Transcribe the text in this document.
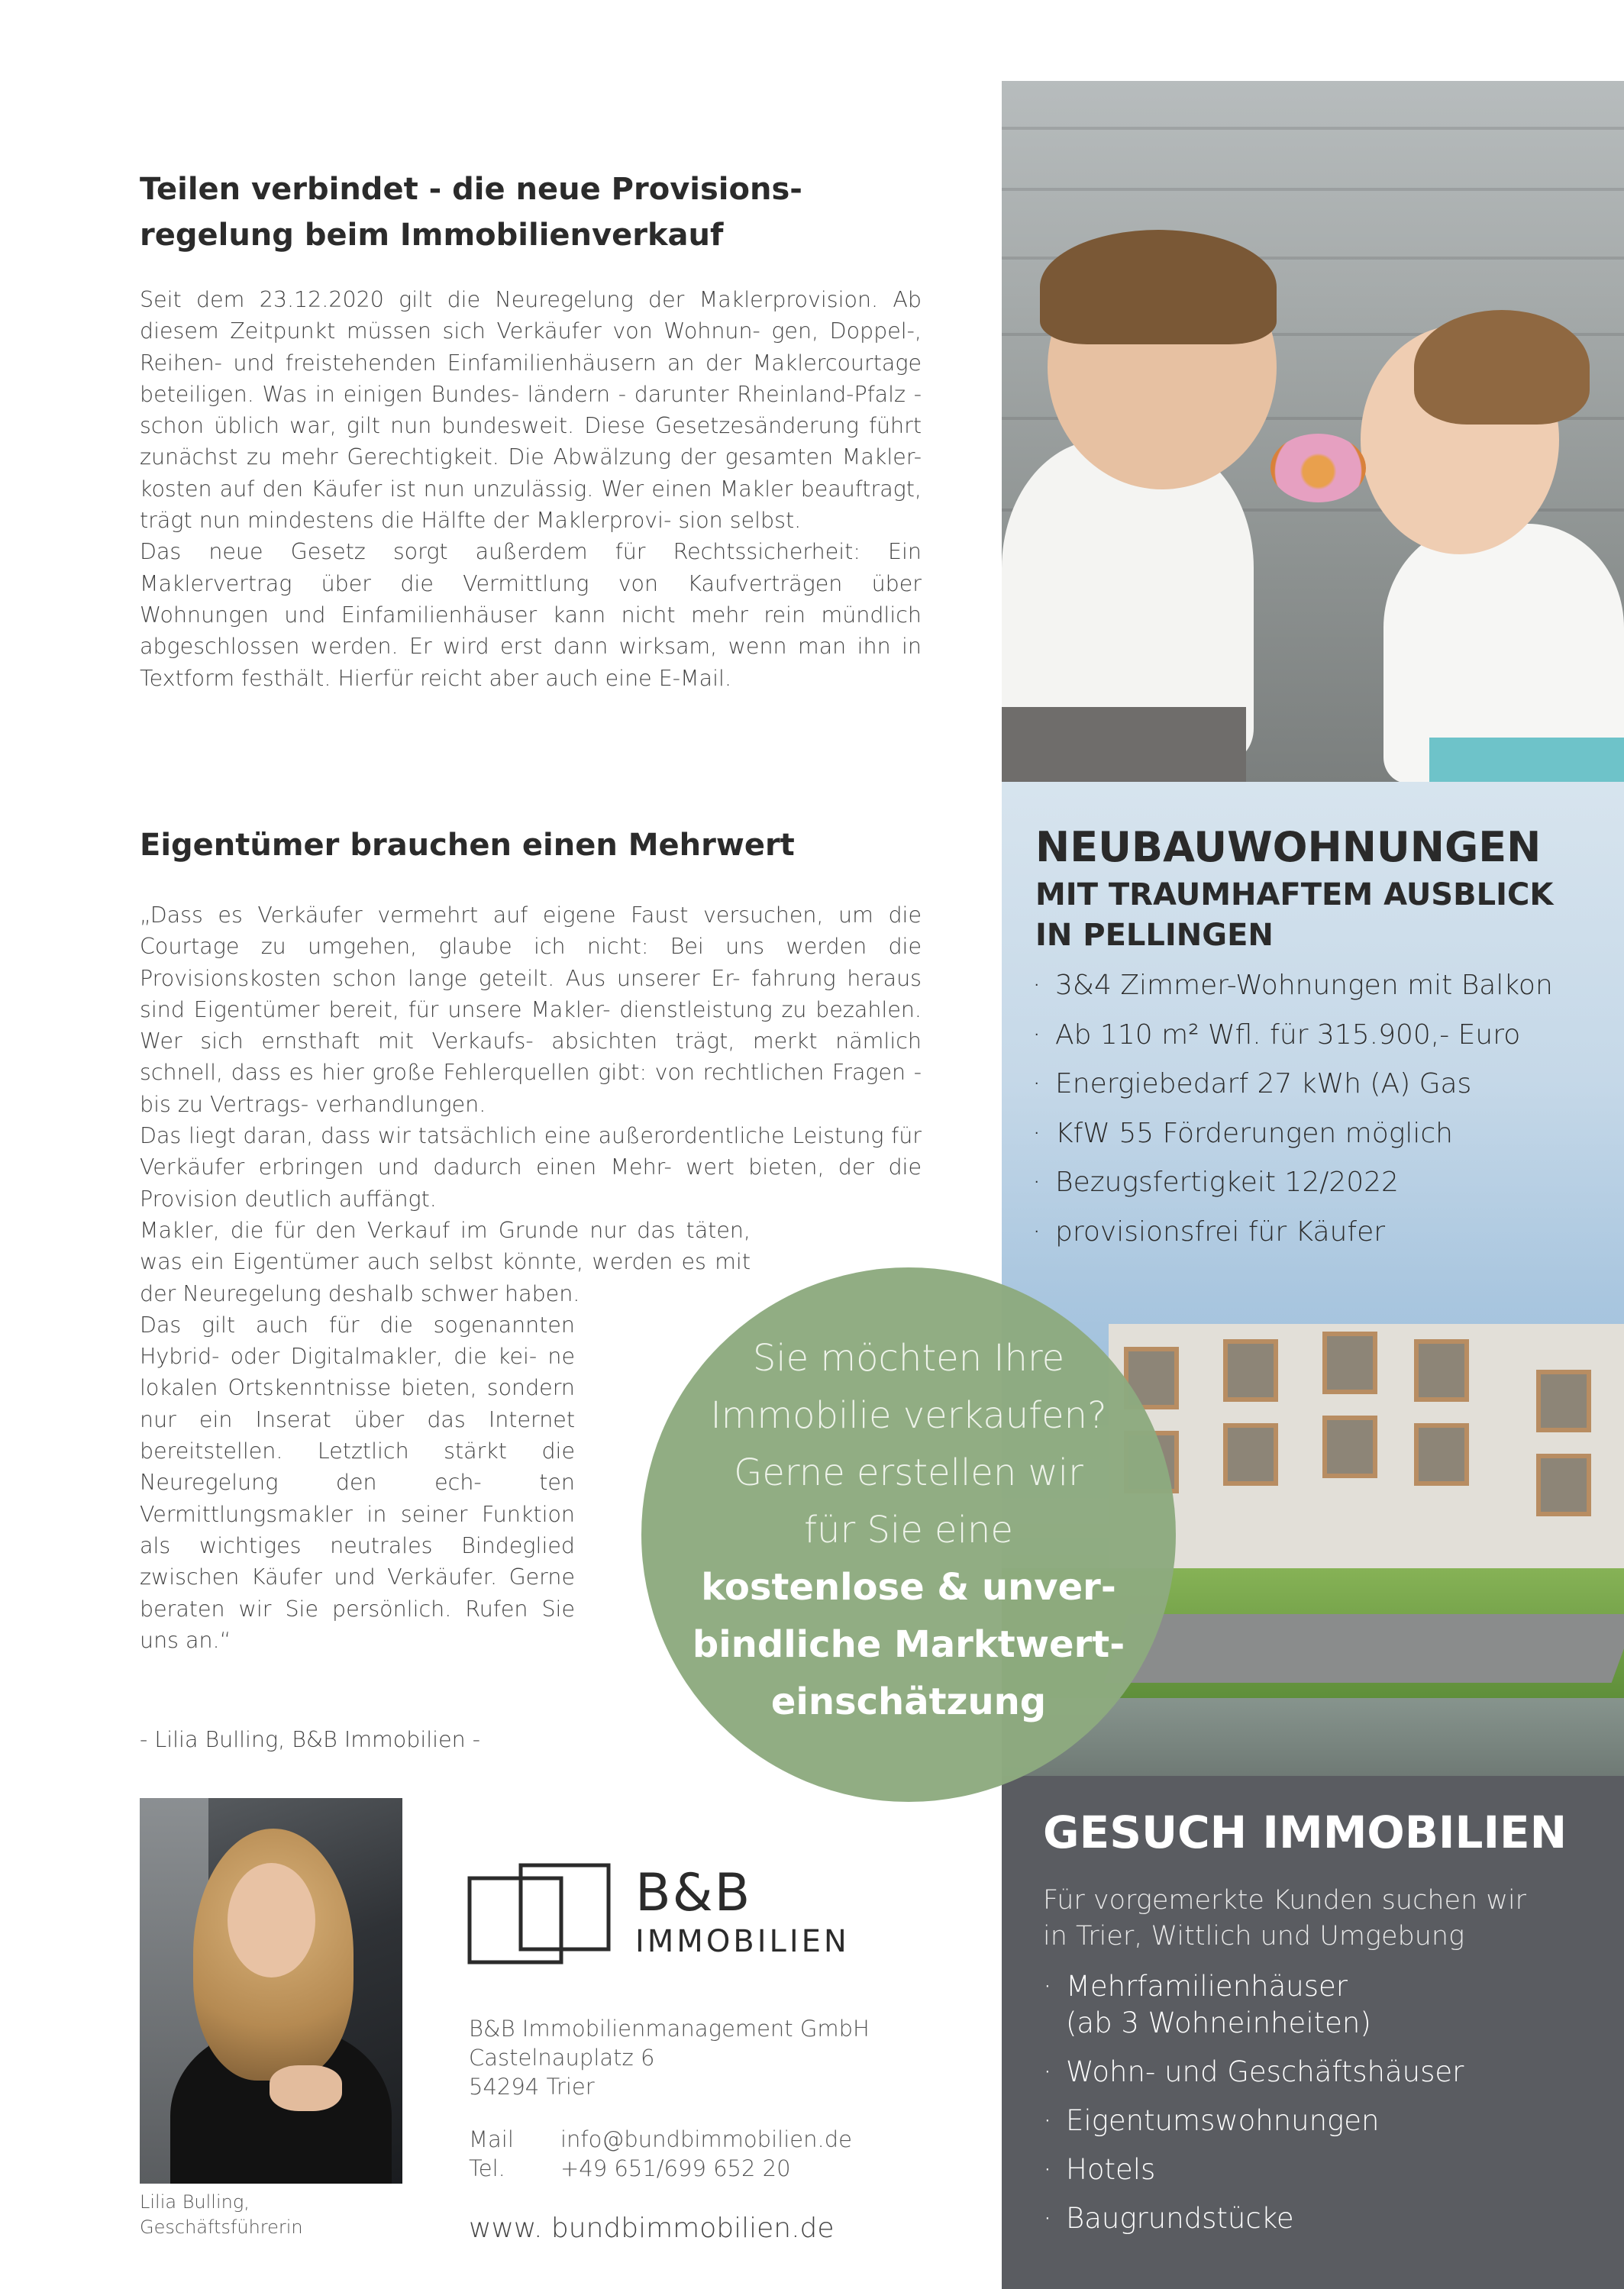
Teilen verbindet - die neue Provisions-
regelung beim Immobilienverkauf

Seit dem 23.12.2020 gilt die Neuregelung der Maklerprovision. Ab diesem Zeitpunkt müssen sich Verkäufer von Wohnun- gen, Doppel-, Reihen- und freistehenden Einfamilienhäusern an der Maklercourtage beteiligen. Was in einigen Bundes- ländern - darunter Rheinland-Pfalz - schon üblich war, gilt nun bundesweit. Diese Gesetzesänderung führt zunächst zu mehr Gerechtigkeit. Die Abwälzung der gesamten Makler- kosten auf den Käufer ist nun unzulässig. Wer einen Makler beauftragt, trägt nun mindestens die Hälfte der Maklerprovi- sion selbst.

Das neue Gesetz sorgt außerdem für Rechtssicherheit: Ein Maklervertrag über die Vermittlung von Kaufverträgen über Wohnungen und Einfamilienhäuser kann nicht mehr rein mündlich abgeschlossen werden. Er wird erst dann wirksam, wenn man ihn in Textform festhält. Hierfür reicht aber auch eine E-Mail.

Eigentümer brauchen einen Mehrwert

„Dass es Verkäufer vermehrt auf eigene Faust versuchen, um die Courtage zu umgehen, glaube ich nicht: Bei uns werden die Provisionskosten schon lange geteilt. Aus unserer Er- fahrung heraus sind Eigentümer bereit, für unsere Makler- dienstleistung zu bezahlen. Wer sich ernsthaft mit Verkaufs- absichten trägt, merkt nämlich schnell, dass es hier große Fehlerquellen gibt: von rechtlichen Fragen - bis zu Vertrags- verhandlungen.

Das liegt daran, dass wir tatsächlich eine außerordentliche Leistung für Verkäufer erbringen und dadurch einen Mehr- wert bieten, der die Provision deutlich auffängt.

Makler, die für den Verkauf im Grunde nur das täten, was ein Eigentümer auch selbst könnte, werden es mit der Neuregelung deshalb schwer haben.

Das gilt auch für die sogenannten Hybrid- oder Digitalmakler, die kei- ne lokalen Ortskenntnisse bieten, sondern nur ein Inserat über das Internet bereitstellen. Letztlich stärkt die Neuregelung den ech- ten Vermittlungsmakler in seiner Funktion als wichtiges neutrales Bindeglied zwischen Käufer und Verkäufer. Gerne beraten wir Sie persönlich. Rufen Sie uns an.“

- Lilia Bulling, B&B Immobilien -
Lilia Bulling,
Geschäftsführerin
B&B
IMMOBILIEN
B&B Immobilienmanagement GmbH
Castelnauplatz 6
54294 Trier
Mail info@bundbimmobilien.de
Tel. +49 651/699 652 20
www. bundbimmobilien.de
NEUBAUWOHNUNGEN
MIT TRAUMHAFTEM AUSBLICK
IN PELLINGEN
· 3&4 Zimmer-Wohnungen mit Balkon
· Ab 110 m² Wfl. für 315.900,- Euro
· Energiebedarf 27 kWh (A) Gas
· KfW 55 Förderungen möglich
· Bezugsfertigkeit 12/2022
· provisionsfrei für Käufer
GESUCH IMMOBILIEN
Für vorgemerkte Kunden suchen wir
in Trier, Wittlich und Umgebung
· Mehrfamilienhäuser
(ab 3 Wohneinheiten)
· Wohn- und Geschäftshäuser
· Eigentumswohnungen
· Hotels
· Baugrundstücke
Sie möchten Ihre
Immobilie verkaufen?
Gerne erstellen wir
für Sie eine
kostenlose & unver-
bindliche Marktwert-
einschätzung
